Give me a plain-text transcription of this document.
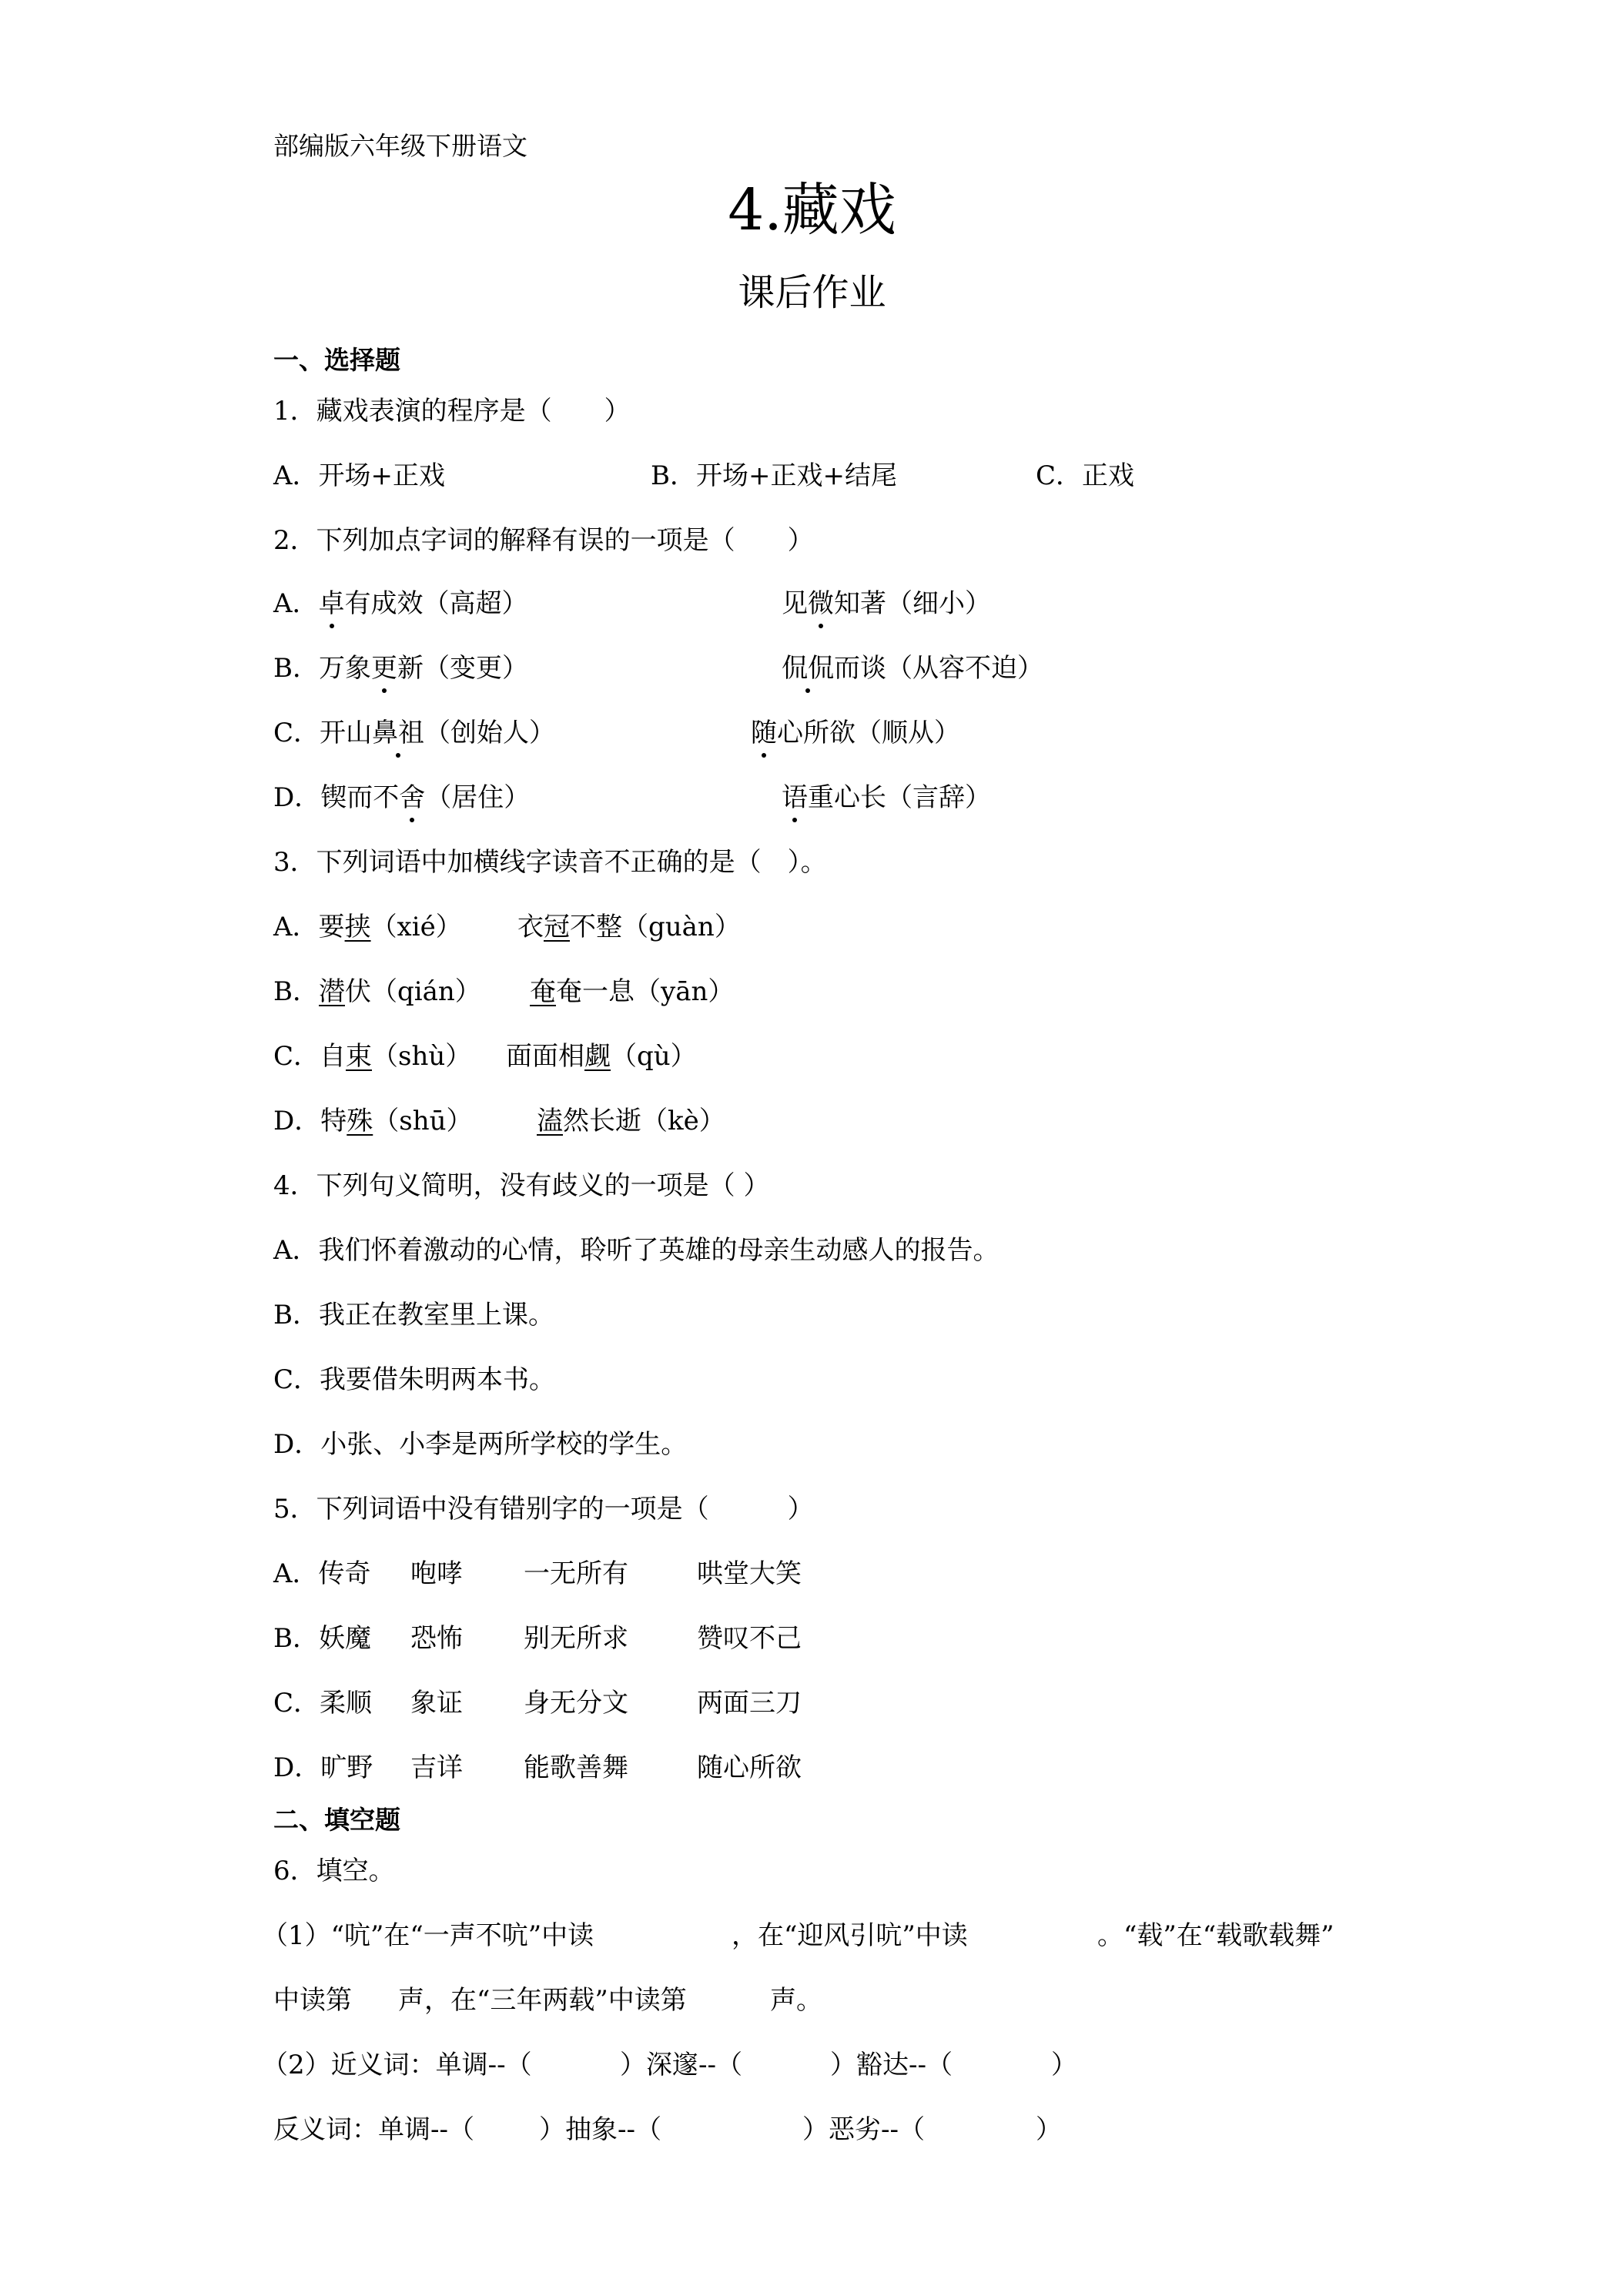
部编版六年级下册语文
4.藏戏
课后作业
一、选择题
1．藏戏表演的程序是（　　）
A．开场+正戏	B．开场+正戏+结尾	C．正戏
2．下列加点字词的解释有误的一项是（　　）
A．卓有成效（高超）	见微知著（细小）
B．万象更新（变更）	侃侃而谈（从容不迫）
C．开山鼻祖（创始人）	随心所欲（顺从）
D．锲而不舍（居住）	语重心长（言辞）
3．下列词语中加横线字读音不正确的是（　）。
A．要挟（xié） 衣冠不整（guàn）
B．潜伏（qián） 奄奄一息（yān）
C．自束（shù） 面面相觑（qù）
D．特殊（shū） 溘然长逝（kè）
4．下列句义简明，没有歧义的一项是（ ）
A．我们怀着激动的心情，聆听了英雄的母亲生动感人的报告。
B．我正在教室里上课。
C．我要借朱明两本书。
D．小张、小李是两所学校的学生。
5．下列词语中没有错别字的一项是（　　　）
A．传奇 咆哮 一无所有	哄堂大笑
B．妖魔 恐怖 别无所求	赞叹不己
C．柔顺 象证 身无分文	两面三刀
D．旷野 吉详 能歌善舞	随心所欲
二、填空题
6．填空。
（1）“吭”在“一声不吭”中读	，在“迎风引吭”中读	。“载”在“载歌载舞”
中读第 声，在“三年两载”中读第	声。
（2）近义词：单调--（	）深邃--（	）豁达--（	）
反义词：单调--（ ）抽象--（	）恶劣--（	）
